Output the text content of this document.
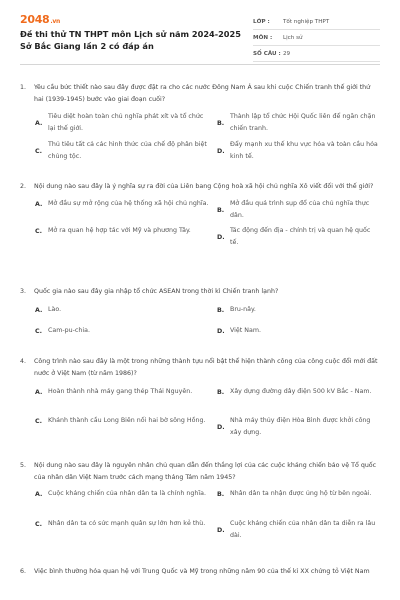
2048.vn
Đề thi thử TN THPT môn Lịch sử năm 2024-2025 Sở Bắc Giang lần 2 có đáp án
LỚP :	Tốt nghiệp THPT
MÔN :	Lịch sử
SỐ CÂU : 29
1.	Yêu cầu bức thiết nào sau đây được đặt ra cho các nước Đông Nam Á sau khi cuộc Chiến tranh thế giới thứ hai (1939-1945) bước vào giai đoạn cuối?
A.
Tiêu diệt hoàn toàn chủ nghĩa phát xít và tổ chức lại thế giới.
B.
Thành lập tổ chức Hội Quốc liên để ngăn chặn chiến tranh.
C.
Thủ tiêu tất cả các hình thức của chế độ phân biệt chủng tộc.
D.
Đẩy mạnh xu thế khu vực hóa và toàn cầu hóa kinh tế.
2.	Nội dung nào sau đây là ý nghĩa sự ra đời của Liên bang Cộng hoà xã hội chủ nghĩa Xô viết đối với thế giới?
A. Mở đầu sự mở rộng của hệ thống xã hội chủ nghĩa.
B.
Mở đầu quá trình sụp đổ của chủ nghĩa thực dân.
C. Mở ra quan hệ hợp tác với Mỹ và phương Tây.
D.
Tác động đến địa - chính trị và quan hệ quốc tế.
3.	Quốc gia nào sau đây gia nhập tổ chức ASEAN trong thời kì Chiến tranh lạnh?
A. Lào.	B. Bru-nây.
C. Cam-pu-chia.	D. Việt Nam.
4.	Công trình nào sau đây là một trong những thành tựu nổi bật thể hiện thành công của công cuộc đổi mới đất nước ở Việt Nam (từ năm 1986)?
A. Hoàn thành nhà máy gang thép Thái Nguyên.	B. Xây dựng đường dây điện 500 kV Bắc - Nam.
C. Khánh thành cầu Long Biên nối hai bờ sông Hồng.
D.
Nhà máy thủy điện Hòa Bình được khởi công xây dựng.
5.	Nội dung nào sau đây là nguyên nhân chủ quan dẫn đến thắng lợi của các cuộc kháng chiến bảo vệ Tổ quốc của nhân dân Việt Nam trước cách mạng tháng Tám năm 1945?
A. Cuộc kháng chiến của nhân dân ta là chính nghĩa. B. Nhân dân ta nhận được ủng hộ từ bên ngoài.
C. Nhân dân ta có sức mạnh quân sự lớn hơn kẻ thù.
D.
Cuộc kháng chiến của nhân dân ta diễn ra lâu dài.
6.	Việc bình thường hóa quan hệ với Trung Quốc và Mỹ trong những năm 90 của thế kỉ XX chứng tỏ Việt Nam
